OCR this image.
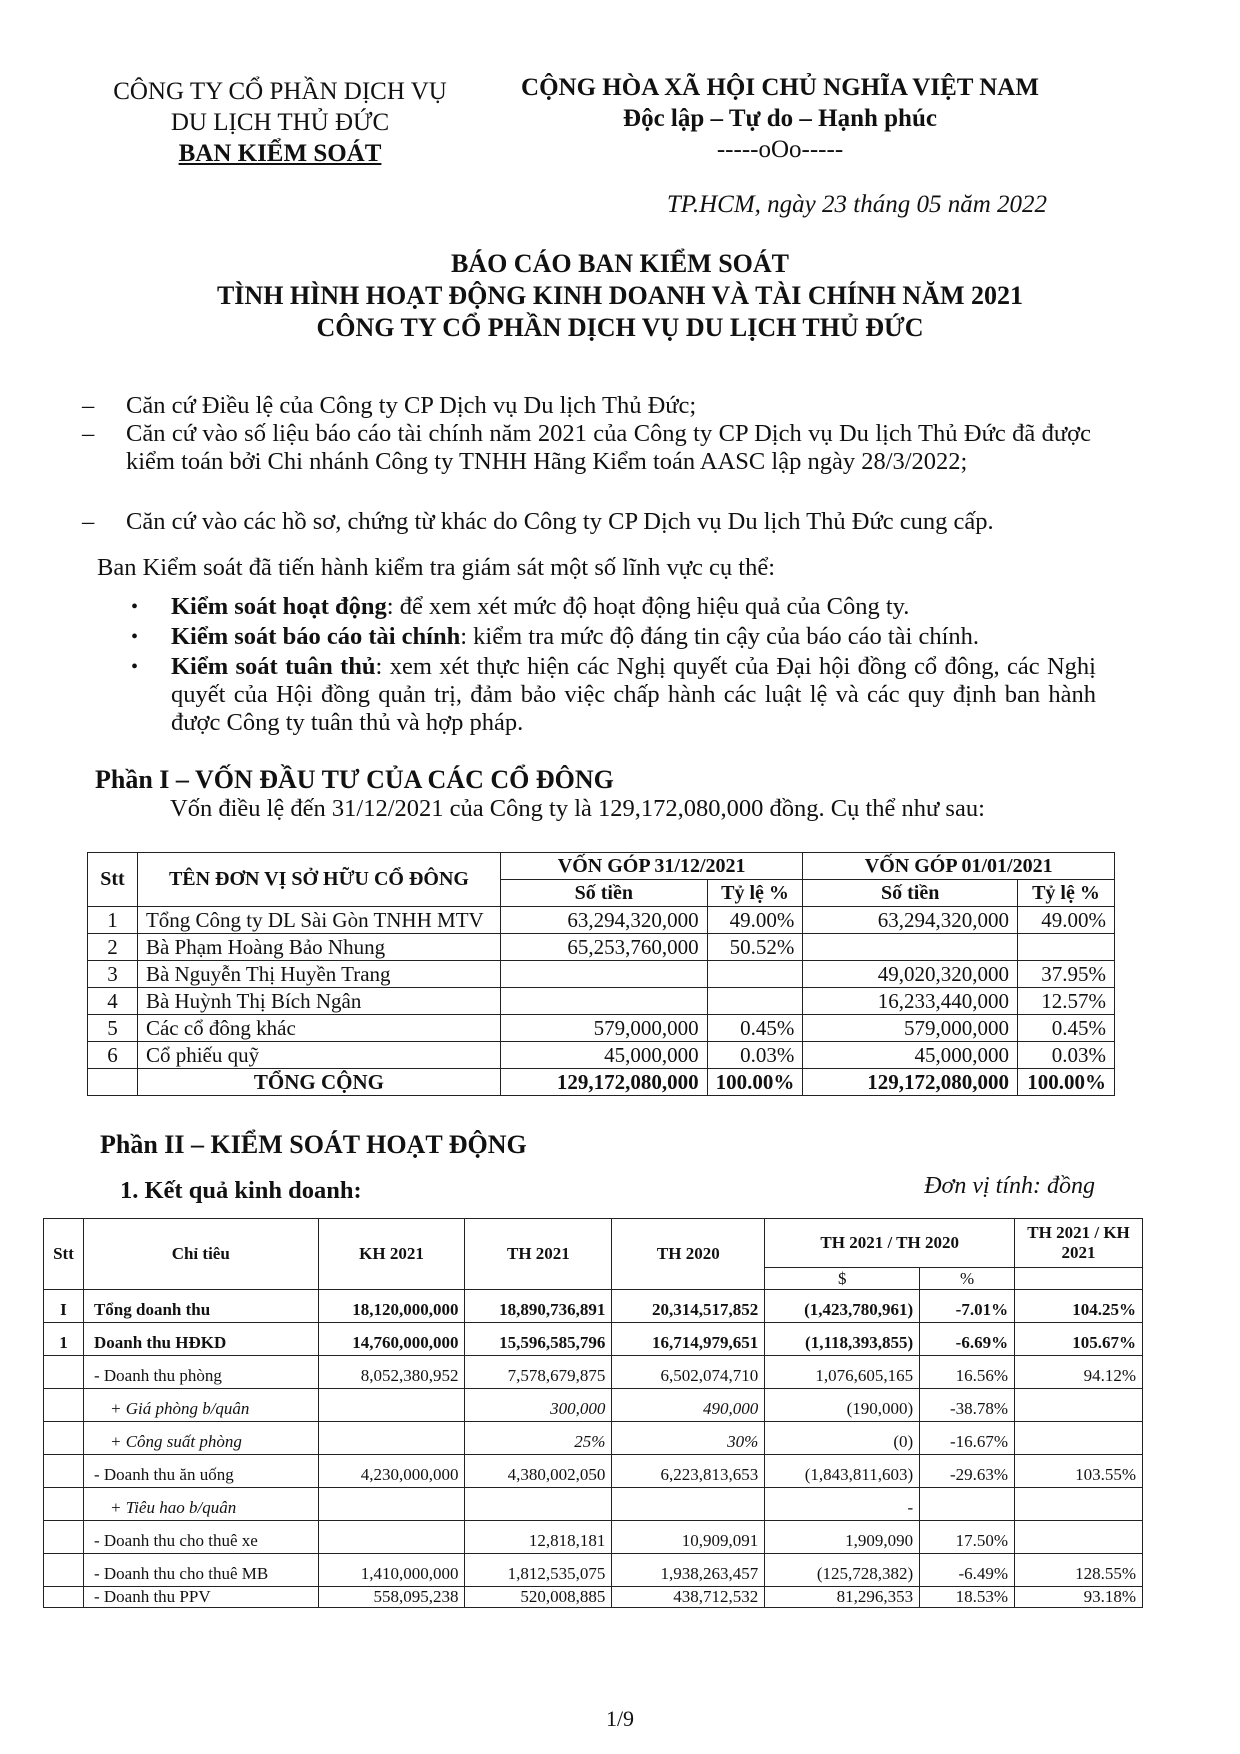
CÔNG TY CỔ PHẦN DỊCH VỤ
DU LỊCH THỦ ĐỨC
BAN KIỂM SOÁT
CỘNG HÒA XÃ HỘI CHỦ NGHĨA VIỆT NAM
Độc lập – Tự do – Hạnh phúc
-----oOo-----
TP.HCM, ngày 23 tháng 05 năm 2022
BÁO CÁO BAN KIỂM SOÁT
TÌNH HÌNH HOẠT ĐỘNG KINH DOANH VÀ TÀI CHÍNH NĂM 2021
CÔNG TY CỔ PHẦN DỊCH VỤ DU LỊCH THỦ ĐỨC
– Căn cứ Điều lệ của Công ty CP Dịch vụ Du lịch Thủ Đức;
– Căn cứ vào số liệu báo cáo tài chính năm 2021 của Công ty CP Dịch vụ Du lịch Thủ Đức đã được kiểm toán bởi Chi nhánh Công ty TNHH Hãng Kiểm toán AASC lập ngày 28/3/2022;
– Căn cứ vào các hồ sơ, chứng từ khác do Công ty CP Dịch vụ Du lịch Thủ Đức cung cấp.
Ban Kiểm soát đã tiến hành kiểm tra giám sát một số lĩnh vực cụ thể:
• Kiểm soát hoạt động: để xem xét mức độ hoạt động hiệu quả của Công ty.
• Kiểm soát báo cáo tài chính: kiểm tra mức độ đáng tin cậy của báo cáo tài chính.
• Kiểm soát tuân thủ: xem xét thực hiện các Nghị quyết của Đại hội đồng cổ đông, các Nghị quyết của Hội đồng quản trị, đảm bảo việc chấp hành các luật lệ và các quy định ban hành được Công ty tuân thủ và hợp pháp.
Phần I – VỐN ĐẦU TƯ CỦA CÁC CỔ ĐÔNG
Vốn điều lệ đến 31/12/2021 của Công ty là 129,172,080,000 đồng. Cụ thể như sau:
Stt	TÊN ĐƠN VỊ SỞ HỮU CỔ ĐÔNG	VỐN GÓP 31/12/2021		VỐN GÓP 01/01/2021	
		Số tiền	Tỷ lệ %	Số tiền	Tỷ lệ %
1	Tổng Công ty DL Sài Gòn TNHH MTV	63,294,320,000	49.00%	63,294,320,000	49.00%
2	Bà Phạm Hoàng Bảo Nhung	65,253,760,000	50.52%		
3	Bà Nguyễn Thị Huyền Trang			49,020,320,000	37.95%
4	Bà Huỳnh Thị Bích Ngân			16,233,440,000	12.57%
5	Các cổ đông khác	579,000,000	0.45%	579,000,000	0.45%
6	Cổ phiếu quỹ	45,000,000	0.03%	45,000,000	0.03%
	TỔNG CỘNG	129,172,080,000	100.00%	129,172,080,000	100.00%
Phần II – KIỂM SOÁT HOẠT ĐỘNG
1. Kết quả kinh doanh:	Đơn vị tính: đồng
Stt	Chỉ tiêu	KH 2021	TH 2021	TH 2020	TH 2021 / TH 2020		TH 2021 / KH 2021
					$	%	
I	Tổng doanh thu	18,120,000,000	18,890,736,891	20,314,517,852	(1,423,780,961)	-7.01%	104.25%
1	Doanh thu HĐKD	14,760,000,000	15,596,585,796	16,714,979,651	(1,118,393,855)	-6.69%	105.67%
	- Doanh thu phòng	8,052,380,952	7,578,679,875	6,502,074,710	1,076,605,165	16.56%	94.12%
	+ Giá phòng b/quân		300,000	490,000	(190,000)	-38.78%	
	+ Công suất phòng		25%	30%	(0)	-16.67%	
	- Doanh thu ăn uống	4,230,000,000	4,380,002,050	6,223,813,653	(1,843,811,603)	-29.63%	103.55%
	+ Tiêu hao b/quân				-		
	- Doanh thu cho thuê xe		12,818,181	10,909,091	1,909,090	17.50%	
	- Doanh thu cho thuê MB	1,410,000,000	1,812,535,075	1,938,263,457	(125,728,382)	-6.49%	128.55%
	- Doanh thu PPV	558,095,238	520,008,885	438,712,532	81,296,353	18.53%	93.18%
1/9
